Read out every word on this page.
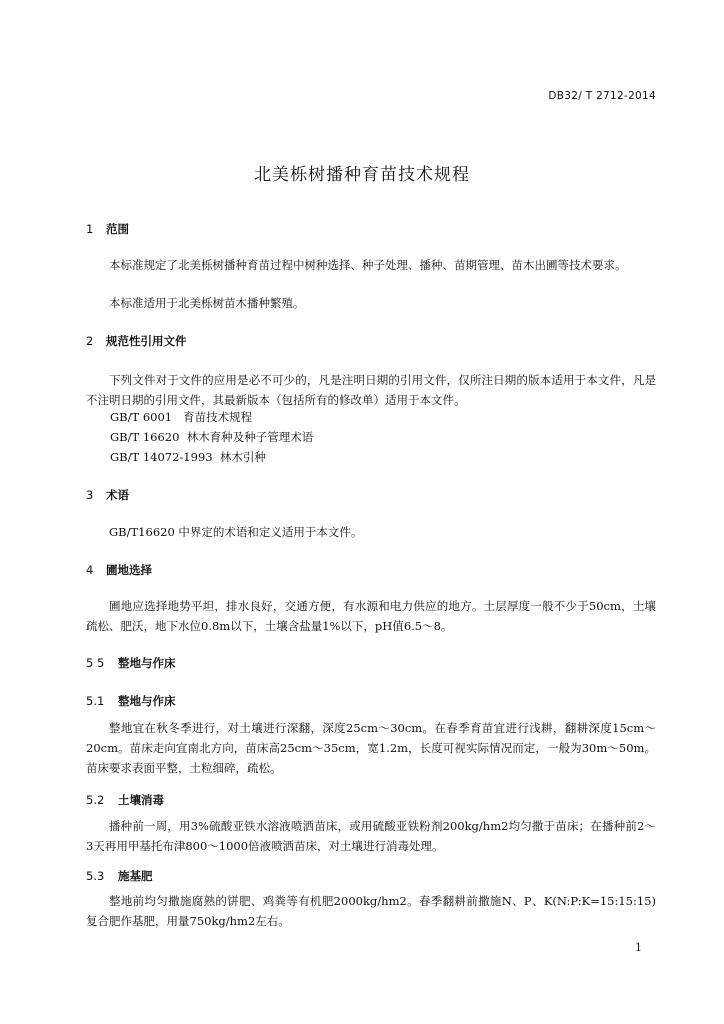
DB32/ T 2712-2014
北美栎树播种育苗技术规程
1 范围
本标准规定了北美栎树播种育苗过程中树种选择、种子处理、播种、苗期管理、苗木出圃等技术要求。
本标准适用于北美栎树苗木播种繁殖。
2 规范性引用文件
下列文件对于文件的应用是必不可少的，凡是注明日期的引用文件，仅所注日期的版本适用于本文件，凡是不注明日期的引用文件，其最新版本（包括所有的修改单）适用于本文件。
GB/T 6001   育苗技术规程
GB/T 16620  林木育种及种子管理术语
GB/T 14072-1993  林木引种
3 术语
GB/T16620 中界定的术语和定义适用于本文件。
4 圃地选择
圃地应选择地势平坦，排水良好，交通方便，有水源和电力供应的地方。土层厚度一般不少于50cm，土壤疏松、肥沃，地下水位0.8m以下，土壤含盐量1%以下，pH值6.5～8。
5 5 整地与作床
5.1 整地与作床
整地宜在秋冬季进行，对土壤进行深翻，深度25cm～30cm。在春季育苗宜进行浅耕，翻耕深度15cm～20cm。苗床走向宜南北方向，苗床高25cm～35cm，宽1.2m，长度可视实际情况而定，一般为30m～50m。苗床要求表面平整，土粒细碎，疏松。
5.2 土壤消毒
播种前一周，用3%硫酸亚铁水溶液喷洒苗床，或用硫酸亚铁粉剂200kg/hm2均匀撒于苗床；在播种前2～3天再用甲基托布津800～1000倍液喷洒苗床，对土壤进行消毒处理。
5.3 施基肥
整地前均匀撒施腐熟的饼肥、鸡粪等有机肥2000kg/hm2。春季翻耕前撒施N、P、K(N:P:K=15:15:15)复合肥作基肥，用量750kg/hm2左右。
1
